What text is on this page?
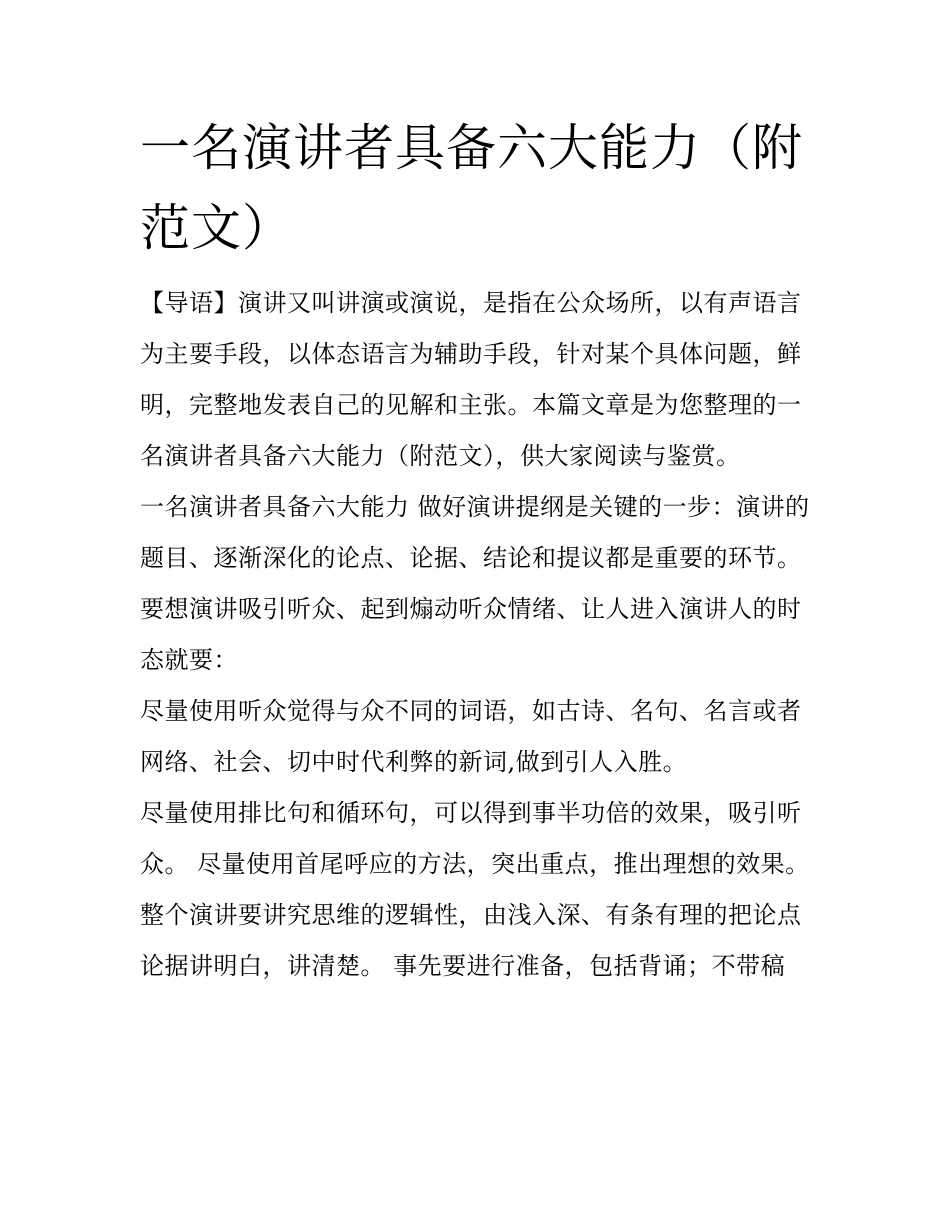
一名演讲者具备六大能力（附
范文）

【导语】演讲又叫讲演或演说，是指在公众场所，以有声语言为主要手段，以体态语言为辅助手段，针对某个具体问题，鲜明，完整地发表自己的见解和主张。本篇文章是为您整理的一名演讲者具备六大能力（附范文），供大家阅读与鉴赏。

一名演讲者具备六大能力 做好演讲提纲是关键的一步：演讲的题目、逐渐深化的论点、论据、结论和提议都是重要的环节。

要想演讲吸引听众、起到煽动听众情绪、让人进入演讲人的时态就要：

尽量使用听众觉得与众不同的词语，如古诗、名句、名言或者网络、社会、切中时代利弊的新词,做到引人入胜。

尽量使用排比句和循环句，可以得到事半功倍的效果，吸引听众。 尽量使用首尾呼应的方法，突出重点，推出理想的效果。

整个演讲要讲究思维的逻辑性，由浅入深、有条有理的把论点论据讲明白，讲清楚。 事先要进行准备，包括背诵；不带稿
